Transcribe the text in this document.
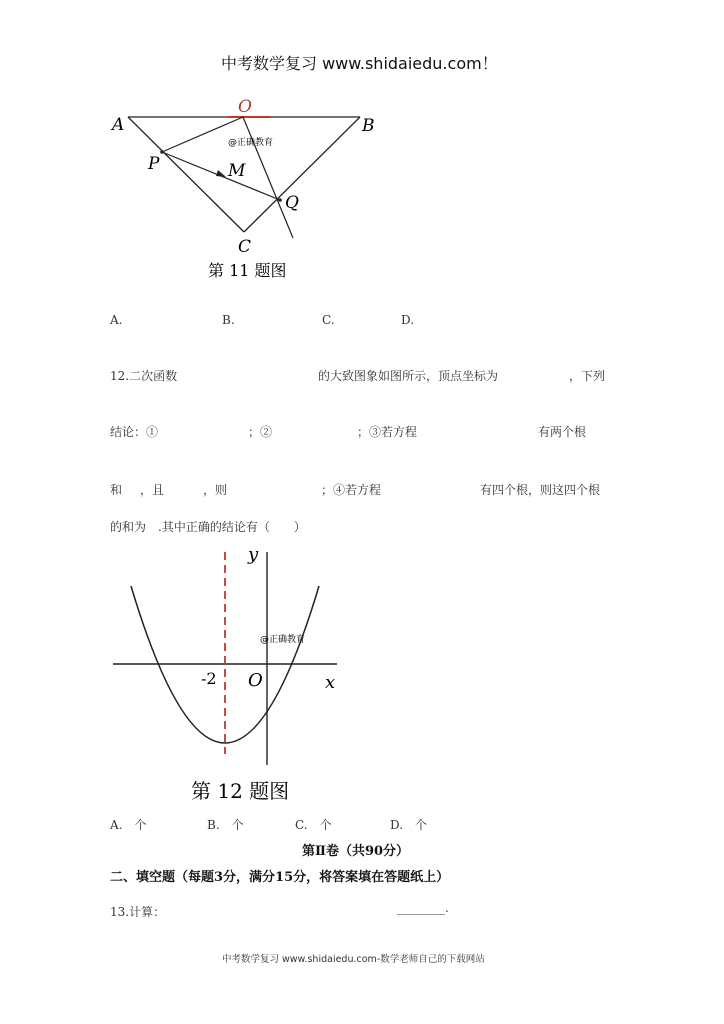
中考数学复习 www.shidaiedu.com！
A
O
B
P	M
Q
C
@正确教育
第 11 题图
A.	B.	C.	D.
12.二次函数	的大致图象如图所示，顶点坐标为	，下列
结论：①	；②	；③若方程	有两个根
和 ，且	，则	；④若方程	有四个根，则这四个根
的和为　.其中正确的结论有（　　）
y
x
O
-2
@正确教育
第 12 题图
A.　个	B.　个	C.　个	D.　个
第Ⅱ卷（共90分）
二、填空题（每题3分，满分15分，将答案填在答题纸上）
13.计算：	________.
中考数学复习 www.shidaiedu.com-数学老师自己的下载网站
